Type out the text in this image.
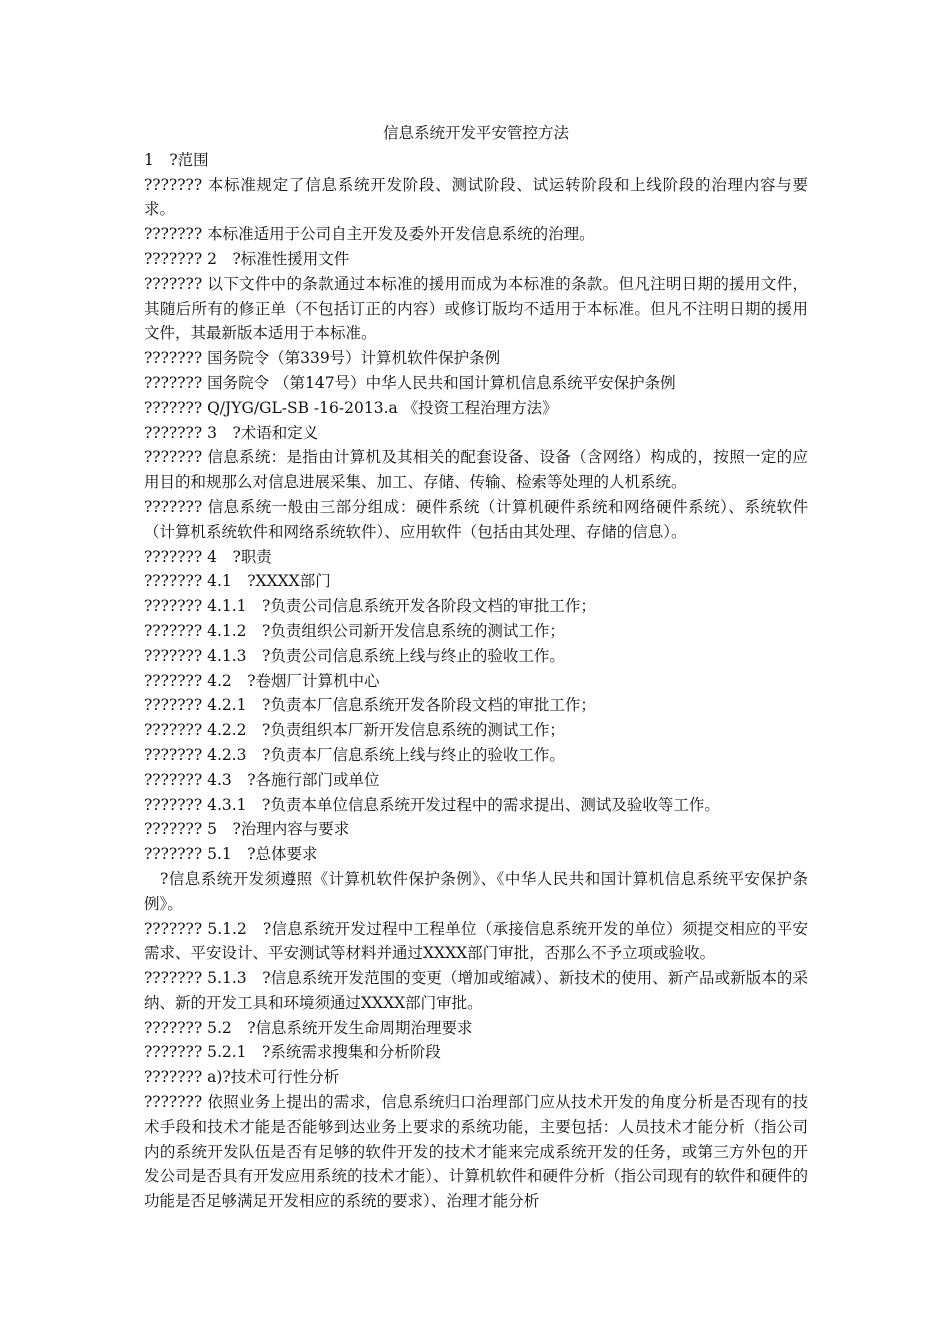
信息系统开发平安管控方法

1　?范围

??????? 本标准规定了信息系统开发阶段、测试阶段、试运转阶段和上线阶段的治理内容与要求。

??????? 本标准适用于公司自主开发及委外开发信息系统的治理。

??????? 2　?标准性援用文件

??????? 以下文件中的条款通过本标准的援用而成为本标准的条款。但凡注明日期的援用文件，其随后所有的修正单（不包括订正的内容）或修订版均不适用于本标准。但凡不注明日期的援用文件，其最新版本适用于本标准。

??????? 国务院令（第339号）计算机软件保护条例

??????? 国务院令 （第147号）中华人民共和国计算机信息系统平安保护条例

??????? Q/JYG/GL-SB -16-2013.a 《投资工程治理方法》

??????? 3　?术语和定义

??????? 信息系统：是指由计算机及其相关的配套设备、设备（含网络）构成的，按照一定的应用目的和规那么对信息进展采集、加工、存储、传输、检索等处理的人机系统。

??????? 信息系统一般由三部分组成：硬件系统（计算机硬件系统和网络硬件系统）、系统软件（计算机系统软件和网络系统软件）、应用软件（包括由其处理、存储的信息）。

??????? 4　?职责

??????? 4.1　?XXXX部门

??????? 4.1.1　?负责公司信息系统开发各阶段文档的审批工作；

??????? 4.1.2　?负责组织公司新开发信息系统的测试工作；

??????? 4.1.3　?负责公司信息系统上线与终止的验收工作。

??????? 4.2　?卷烟厂计算机中心

??????? 4.2.1　?负责本厂信息系统开发各阶段文档的审批工作；

??????? 4.2.2　?负责组织本厂新开发信息系统的测试工作；

??????? 4.2.3　?负责本厂信息系统上线与终止的验收工作。

??????? 4.3　?各施行部门或单位

??????? 4.3.1　?负责本单位信息系统开发过程中的需求提出、测试及验收等工作。

??????? 5　?治理内容与要求

??????? 5.1　?总体要求

　?信息系统开发须遵照《计算机软件保护条例》、《中华人民共和国计算机信息系统平安保护条例》。

??????? 5.1.2　?信息系统开发过程中工程单位（承接信息系统开发的单位）须提交相应的平安需求、平安设计、平安测试等材料并通过XXXX部门审批，否那么不予立项或验收。

??????? 5.1.3　?信息系统开发范围的变更（增加或缩减）、新技术的使用、新产品或新版本的采纳、新的开发工具和环境须通过XXXX部门审批。

??????? 5.2　?信息系统开发生命周期治理要求

??????? 5.2.1　?系统需求搜集和分析阶段

??????? a)?技术可行性分析

??????? 依照业务上提出的需求，信息系统归口治理部门应从技术开发的角度分析是否现有的技术手段和技术才能是否能够到达业务上要求的系统功能，主要包括：人员技术才能分析（指公司内的系统开发队伍是否有足够的软件开发的技术才能来完成系统开发的任务，或第三方外包的开发公司是否具有开发应用系统的技术才能）、计算机软件和硬件分析（指公司现有的软件和硬件的功能是否足够满足开发相应的系统的要求）、治理才能分析
